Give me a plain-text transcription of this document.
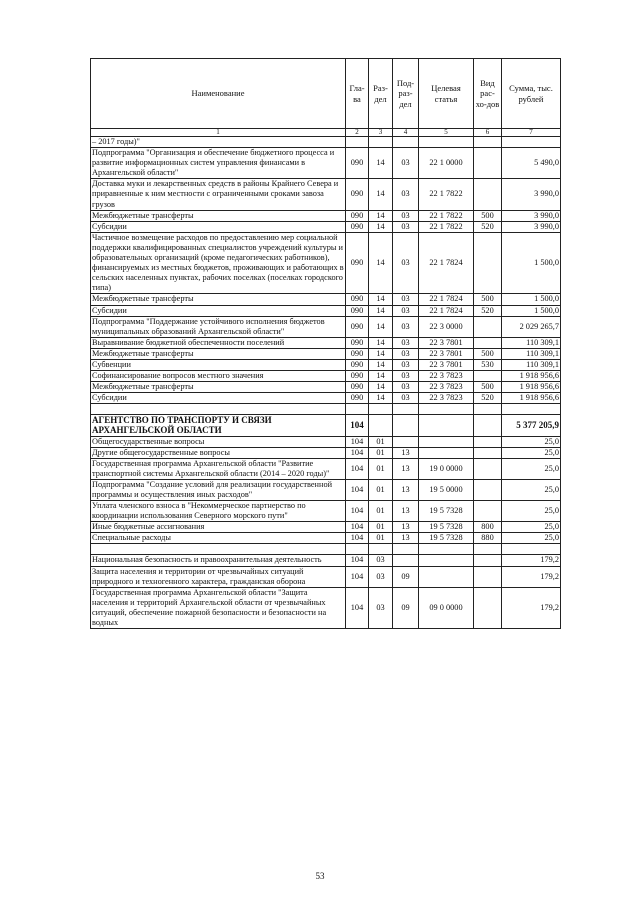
Наименование	Гла-ва	Раз-дел	Под-раз-дел	Целевая статья	Вид рас-хо-дов	Сумма, тыс. рублей
1	2	3	4	5	6	7
– 2017 годы)"						
Подпрограмма "Организация и обеспечение бюджетного процесса и развитие информационных систем управления финансами в Архангельской области"	090	14	03	22 1 0000		5 490,0
Доставка муки и лекарственных средств в районы Крайнего Севера и приравненные к ним местности с ограниченными сроками завоза грузов	090	14	03	22 1 7822		3 990,0
Межбюджетные трансферты	090	14	03	22 1 7822	500	3 990,0
Субсидии	090	14	03	22 1 7822	520	3 990,0
Частичное возмещение расходов по предоставлению мер социальной поддержки квалифицированных специалистов учреждений культуры и образовательных организаций (кроме педагогических работников), финансируемых из местных бюджетов, проживающих и работающих в сельских населенных пунктах, рабочих поселках (поселках городского типа)	090	14	03	22 1 7824		1 500,0
Межбюджетные трансферты	090	14	03	22 1 7824	500	1 500,0
Субсидии	090	14	03	22 1 7824	520	1 500,0
Подпрограмма "Поддержание устойчивого исполнения бюджетов муниципальных образований Архангельской области"	090	14	03	22 3 0000		2 029 265,7
Выравнивание бюджетной обеспеченности поселений	090	14	03	22 3 7801		110 309,1
Межбюджетные трансферты	090	14	03	22 3 7801	500	110 309,1
Субвенции	090	14	03	22 3 7801	530	110 309,1
Софинансирование вопросов местного значения	090	14	03	22 3 7823		1 918 956,6
Межбюджетные трансферты	090	14	03	22 3 7823	500	1 918 956,6
Субсидии	090	14	03	22 3 7823	520	1 918 956,6

АГЕНТСТВО ПО ТРАНСПОРТУ И СВЯЗИ АРХАНГЕЛЬСКОЙ ОБЛАСТИ	104					5 377 205,9
Общегосударственные вопросы	104	01				25,0
Другие общегосударственные вопросы	104	01	13			25,0
Государственная программа Архангельской области "Развитие транспортной системы Архангельской области (2014 – 2020 годы)"	104	01	13	19 0 0000		25,0
Подпрограмма "Создание условий для реализации государственной программы и осуществления иных расходов"	104	01	13	19 5 0000		25,0
Уплата членского взноса в "Некоммерческое партнерство по координации использования Северного морского пути"	104	01	13	19 5 7328		25,0
Иные бюджетные ассигнования	104	01	13	19 5 7328	800	25,0
Специальные расходы	104	01	13	19 5 7328	880	25,0

Национальная безопасность и правоохранительная деятельность	104	03				179,2
Защита населения и территории от чрезвычайных ситуаций природного и техногенного характера, гражданская оборона	104	03	09			179,2
Государственная программа Архангельской области "Защита населения и территорий Архангельской области от чрезвычайных ситуаций, обеспечение пожарной безопасности и безопасности на водных	104	03	09	09 0 0000		179,2
53
